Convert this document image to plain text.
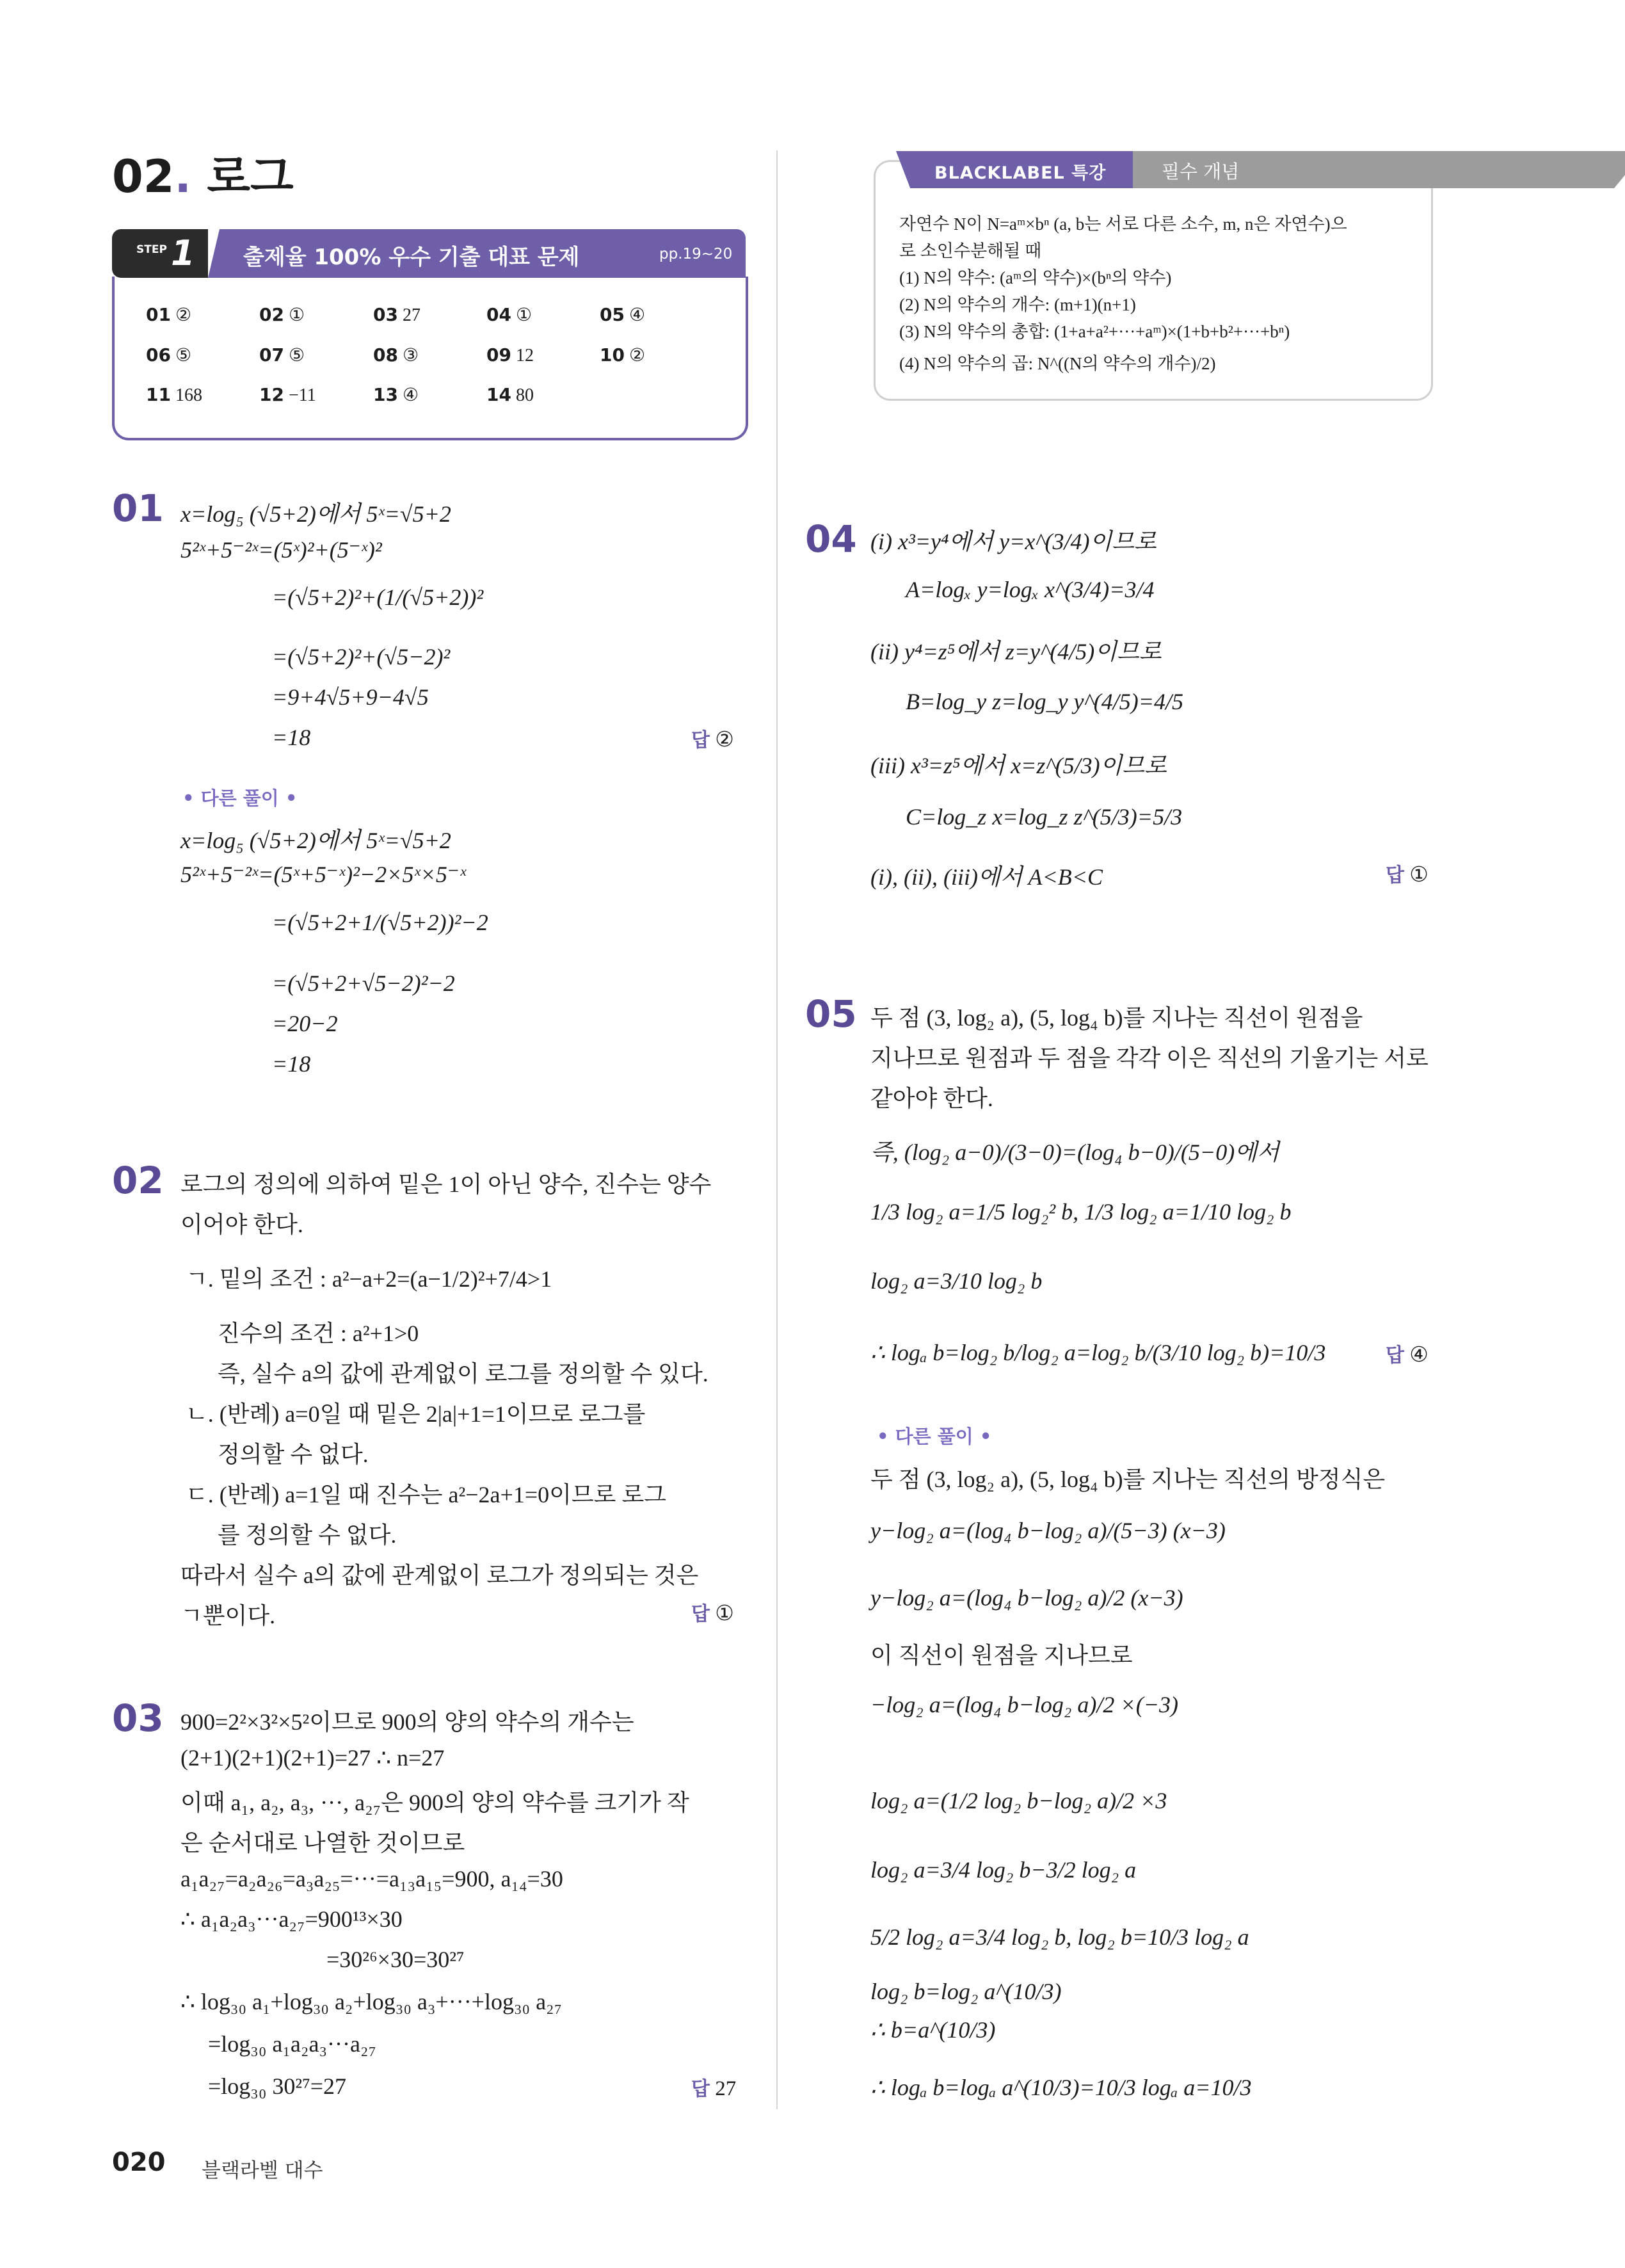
02. 로그
STEP 1 출제율 100% 우수 기출 대표 문제	pp.19~20
01 ②	02 ①	03 27	04 ①	05 ④
06 ⑤	07 ⑤	08 ③	09 12	10 ②
11 168	12 −11	13 ④	14 80
01 x=log₅ (√5+2)에서 5ˣ=√5+2
5²ˣ+5⁻²ˣ=(5ˣ)²+(5⁻ˣ)²
=(√5+2)²+(1/(√5+2))²
=(√5+2)²+(√5−2)²
=9+4√5+9−4√5
=18	답 ②
• 다른 풀이 •
x=log₅ (√5+2)에서 5ˣ=√5+2
5²ˣ+5⁻²ˣ=(5ˣ+5⁻ˣ)²−2×5ˣ×5⁻ˣ
=(√5+2+1/(√5+2))²−2
=(√5+2+√5−2)²−2
=20−2
=18
02 로그의 정의에 의하여 밑은 1이 아닌 양수, 진수는 양수
이어야 한다.
ㄱ. 밑의 조건 : a²−a+2=(a−1/2)²+7/4>1
진수의 조건 : a²+1>0
즉, 실수 a의 값에 관계없이 로그를 정의할 수 있다.
ㄴ. (반례) a=0일 때 밑은 2|a|+1=1이므로 로그를
정의할 수 없다.
ㄷ. (반례) a=1일 때 진수는 a²−2a+1=0이므로 로그
를 정의할 수 없다.
따라서 실수 a의 값에 관계없이 로그가 정의되는 것은
ㄱ뿐이다.	답 ①
03 900=2²×3²×5²이므로 900의 양의 약수의 개수는
(2+1)(2+1)(2+1)=27 ∴ n=27
이때 a₁, a₂, a₃, ···, a₂₇은 900의 양의 약수를 크기가 작
은 순서대로 나열한 것이므로
a₁a₂₇=a₂a₂₆=a₃a₂₅=···=a₁₃a₁₅=900, a₁₄=30
∴ a₁a₂a₃···a₂₇=900¹³×30
=30²⁶×30=30²⁷
∴ log₃₀ a₁+log₃₀ a₂+log₃₀ a₃+···+log₃₀ a₂₇
=log₃₀ a₁a₂a₃···a₂₇
=log₃₀ 30²⁷=27	답 27
BLACKLABEL 특강	필수 개념
자연수 N이 N=aᵐ×bⁿ (a, b는 서로 다른 소수, m, n은 자연수)으
로 소인수분해될 때
(1) N의 약수: (aᵐ의 약수)×(bⁿ의 약수)
(2) N의 약수의 개수: (m+1)(n+1)
(3) N의 약수의 총합: (1+a+a²+···+aᵐ)×(1+b+b²+···+bⁿ)
(4) N의 약수의 곱: N^((N의 약수의 개수)/2)
04 (i) x³=y⁴에서 y=x^(3/4)이므로
A=logₓ y=logₓ x^(3/4)=3/4
(ii) y⁴=z⁵에서 z=y^(4/5)이므로
B=log_y z=log_y y^(4/5)=4/5
(iii) x³=z⁵에서 x=z^(5/3)이므로
C=log_z x=log_z z^(5/3)=5/3
(i), (ii), (iii)에서 A<B<C	답 ①
05 두 점 (3, log₂ a), (5, log₄ b)를 지나는 직선이 원점을
지나므로 원점과 두 점을 각각 이은 직선의 기울기는 서로
같아야 한다.
즉, (log₂ a−0)/(3−0)=(log₄ b−0)/(5−0)에서
1/3 log₂ a=1/5 log₂² b, 1/3 log₂ a=1/10 log₂ b
log₂ a=3/10 log₂ b
∴ logₐ b=log₂ b/log₂ a=log₂ b/(3/10 log₂ b)=10/3	답 ④
• 다른 풀이 •
두 점 (3, log₂ a), (5, log₄ b)를 지나는 직선의 방정식은
y−log₂ a=(log₄ b−log₂ a)/(5−3) (x−3)
y−log₂ a=(log₄ b−log₂ a)/2 (x−3)
이 직선이 원점을 지나므로
−log₂ a=(log₄ b−log₂ a)/2 ×(−3)
log₂ a=(1/2 log₂ b−log₂ a)/2 ×3
log₂ a=3/4 log₂ b−3/2 log₂ a
5/2 log₂ a=3/4 log₂ b, log₂ b=10/3 log₂ a
log₂ b=log₂ a^(10/3)
∴ b=a^(10/3)
∴ logₐ b=logₐ a^(10/3)=10/3 logₐ a=10/3
020 블랙라벨 대수
